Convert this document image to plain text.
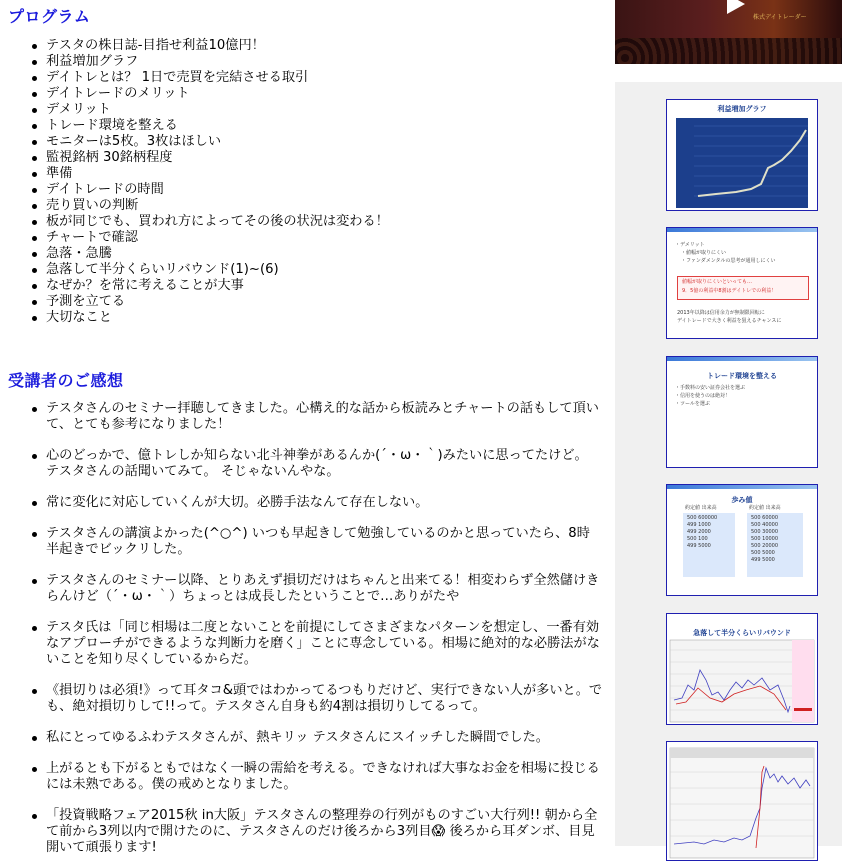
プログラム
テスタの株日誌-目指せ利益10億円！
利益増加グラフ
デイトレとは？ 1日で売買を完結させる取引
デイトレードのメリット
デメリット
トレード環境を整える
モニターは5枚。3枚はほしい
監視銘柄 30銘柄程度
準備
デイトレードの時間
売り買いの判断
板が同じでも、買われ方によってその後の状況は変わる！
チャートで確認
急落・急騰
急落して半分くらいリバウンド(1)~(6)
なぜか？を常に考えることが大事
予測を立てる
大切なこと
受講者のご感想
テスタさんのセミナー拝聴してきました。心構え的な話から板読みとチャートの話もして頂い
て、とても参考になりました！
心のどっかで、億トレしか知らない北斗神拳があるんか(´・ω・｀)みたいに思ってたけど。
テスタさんの話聞いてみて。 そじゃないんやな。
常に変化に対応していくんが大切。必勝手法なんて存在しない。
テスタさんの講演よかった(^○^) いつも早起きして勉強しているのかと思っていたら、8時
半起きでビックリした。
テスタさんのセミナー以降、とりあえず損切だけはちゃんと出来てる！相変わらず全然儲けき
らんけど（´・ω・｀）ちょっとは成長したということで…ありがたや
テスタ氏は「同じ相場は二度とないことを前提にしてさまざまなパターンを想定し、一番有効
なアプローチができるような判断力を磨く」ことに専念している。相場に絶対的な必勝法がな
いことを知り尽くしているからだ。
《損切りは必須!》って耳タコ&頭ではわかってるつもりだけど、実行できない人が多いと。で
も、絶対損切りして!!って。テスタさん自身も約4割は損切りしてるって。
私にとってゆるふわテスタさんが、熱キリッ テスタさんにスイッチした瞬間でした。
上がるとも下がるともではなく一瞬の需給を考える。できなければ大事なお金を相場に投じる
には未熟である。僕の戒めとなりました。
「投資戦略フェア2015秋 in大阪」テスタさんの整理券の行列がものすごい大行列!! 朝から全
て前から3列以内で開けたのに、テスタさんのだけ後ろから3列目😱 後ろから耳ダンボ、目見
開いて頑張ります!
株式デイトレーダー
利益増加グラフ
・デメリット
・値幅が取りにくい
・ファンダメンタルの思考が通用しにくい
値幅が取りにくいといっても…
9．5億の利益中8割はデイトレでの利益！
2013年以降は信用余力が無制限回転に
デイトレードで大きく利益を狙えるチャンスに
トレード環境を整える
・手数料の安い証券会社を選ぶ
・信用を使うのは絶対！
・ツールを選ぶ
歩み値
約定値 出来高
500 600000
499 1000
499 2000
500 100
499 5000
約定値 出来高
500 60000
500 40000
500 30000
500 10000
500 20000
500 5000
499 5000
急落して半分くらいリバウンド
